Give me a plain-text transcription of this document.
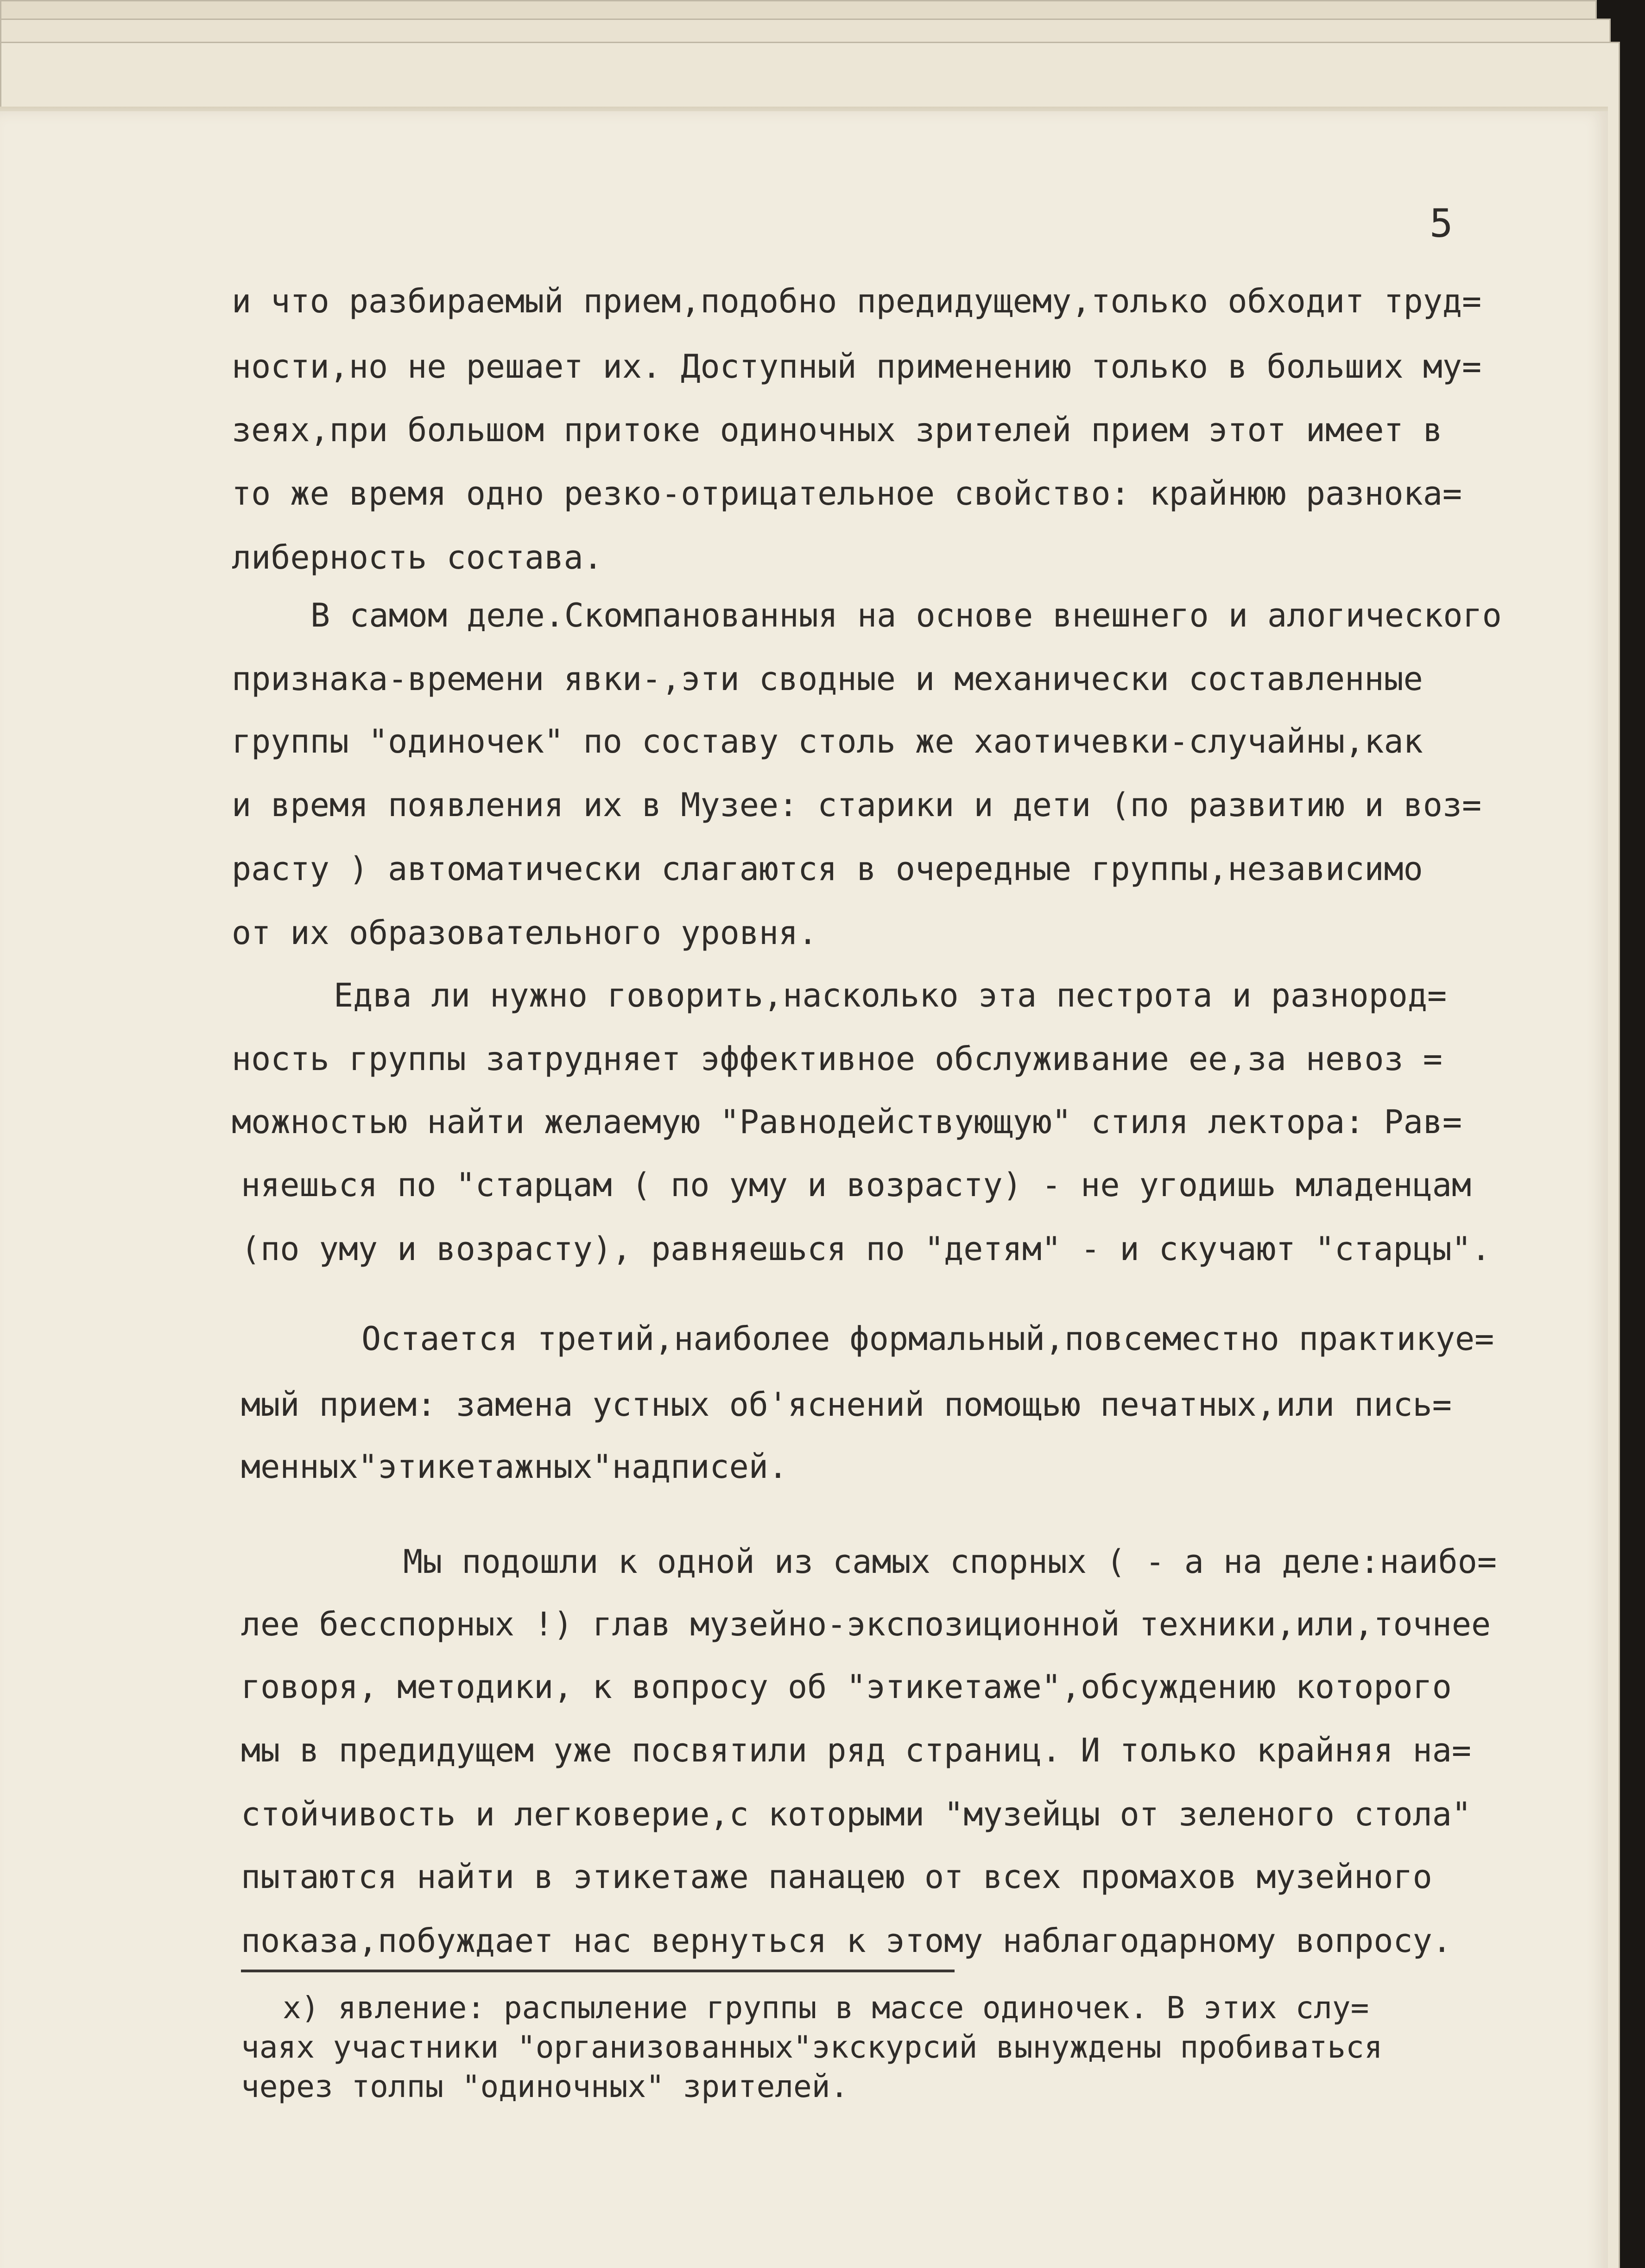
5
и что разбираемый прием,подобно предидущему,только обходит труд=
ности,но не решает их. Доступный применению только в больших му=
зеях,при большом притоке одиночных зрителей прием этот имеет в
то же время одно резко-отрицательное свойство: крайнюю разнока=
либерность состава.
В самом деле.Скомпанованныя на основе внешнего и алогического
признака-времени явки-,эти сводные и механически составленные
группы "одиночек" по составу столь же хаотичевки-случайны,как
и время появления их в Музее: старики и дети (по развитию и воз=
расту ) автоматически слагаются в очередные группы,независимо
от их образовательного уровня.
Едва ли нужно говорить,насколько эта пестрота и разнород=
ность группы затрудняет эффективное обслуживание ее,за невоз =
можностью найти желаемую "Равнодействующую" стиля лектора: Рав=
няешься по "старцам ( по уму и возрасту) - не угодишь младенцам
(по уму и возрасту), равняешься по "детям" - и скучают "старцы".
Остается третий,наиболее формальный,повсеместно практикуе=
мый прием: замена устных об'яснений помощью печатных,или пись=
менных"этикетажных"надписей.
Мы подошли к одной из самых спорных ( - а на деле:наибо=
лее бесспорных !) глав музейно-экспозиционной техники,или,точнее
говоря, методики, к вопросу об "этикетаже",обсуждению которого
мы в предидущем уже посвятили ряд страниц. И только крайняя на=
стойчивость и легковерие,с которыми "музейцы от зеленого стола"
пытаются найти в этикетаже панацею от всех промахов музейного
показа,побуждает нас вернуться к этому наблагодарному вопросу.
х) явление: распыление группы в массе одиночек. В этих слу=
чаях участники "организованных"экскурсий вынуждены пробиваться
через толпы "одиночных" зрителей.
